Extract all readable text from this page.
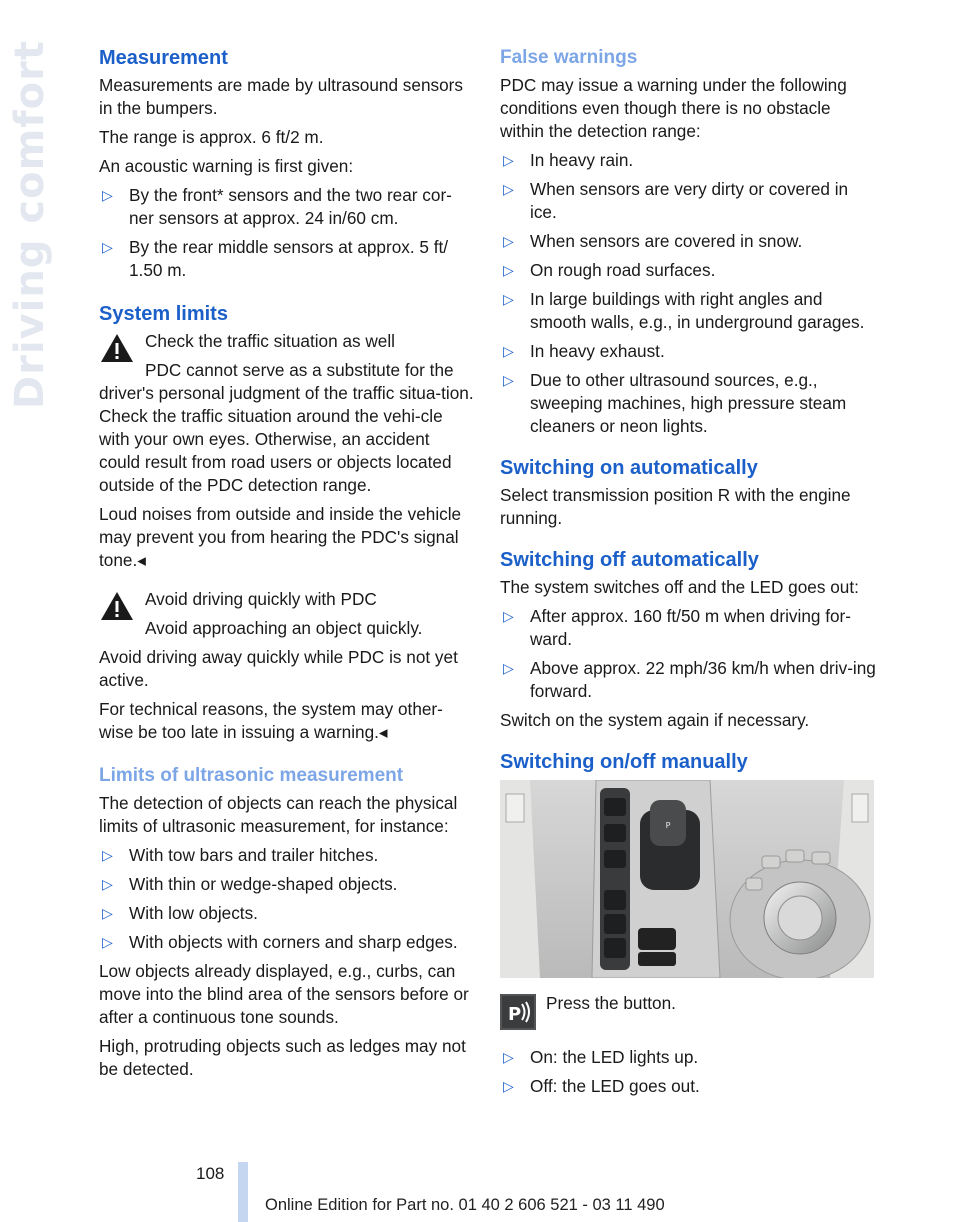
Driving comfort Measurement

Measurements are made by ultrasound sensors in the bumpers.

The range is approx. 6 ft/2 m.

An acoustic warning is first given:

▷ By the front* sensors and the two rear cor-ner sensors at approx. 24 in/60 cm.
▷ By the rear middle sensors at approx. 5 ft/ 1.50 m.
System limits

Check the traffic situation as well

PDC cannot serve as a substitute for the driver's personal judgment of the traffic situa-tion. Check the traffic situation around the vehi-cle with your own eyes. Otherwise, an accident could result from road users or objects located outside of the PDC detection range.

Loud noises from outside and inside the vehicle may prevent you from hearing the PDC's signal tone.◂

Avoid driving quickly with PDC

Avoid approaching an object quickly.

Avoid driving away quickly while PDC is not yet active.

For technical reasons, the system may other-wise be too late in issuing a warning.◂

Limits of ultrasonic measurement

The detection of objects can reach the physical limits of ultrasonic measurement, for instance:

▷ With tow bars and trailer hitches.
▷ With thin or wedge-shaped objects.
▷ With low objects.
▷ With objects with corners and sharp edges.

Low objects already displayed, e.g., curbs, can move into the blind area of the sensors before or after a continuous tone sounds.

High, protruding objects such as ledges may not be detected.

False warnings

PDC may issue a warning under the following conditions even though there is no obstacle within the detection range:

▷ In heavy rain.
▷ When sensors are very dirty or covered in ice.
▷ When sensors are covered in snow.
▷ On rough road surfaces.
▷ In large buildings with right angles and smooth walls, e.g., in underground garages.
▷ In heavy exhaust.
▷ Due to other ultrasound sources, e.g., sweeping machines, high pressure steam cleaners or neon lights.
Switching on automatically

Select transmission position R with the engine running.

Switching off automatically

The system switches off and the LED goes out:

▷ After approx. 160 ft/50 m when driving for-ward.
▷ Above approx. 22 mph/36 km/h when driv-ing forward.

Switch on the system again if necessary.

Switching on/off manually
P
P

Press the button.

▷ On: the LED lights up.
▷ Off: the LED goes out.
108
Online Edition for Part no. 01 40 2 606 521 - 03 11 490
